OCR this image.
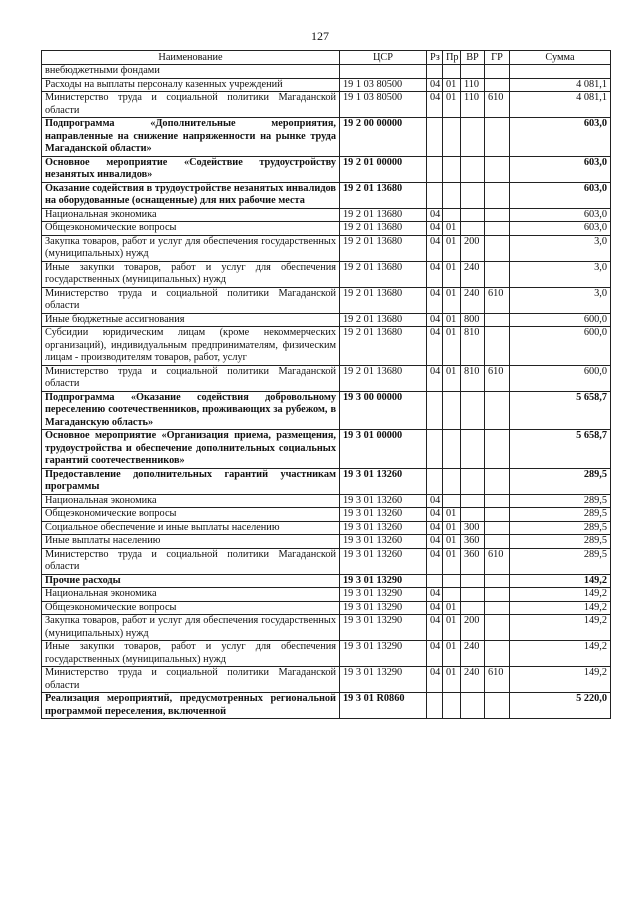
127
Наименование	ЦСР	Рз	Пр	ВР	ГР	Сумма
внебюджетными фондами						
Расходы на выплаты персоналу казенных учреждений	19 1 03 80500	04	01	110		4 081,1
Министерство труда и социальной политики Магаданской области	19 1 03 80500	04	01	110	610	4 081,1
Подпрограмма «Дополнительные мероприятия, направленные на снижение напряженности на рынке труда Магаданской области»	19 2 00 00000					603,0
Основное мероприятие «Содействие трудоустройству незанятых инвалидов»	19 2 01 00000					603,0
Оказание содействия в трудоустройстве незанятых инвалидов на оборудованные (оснащенные) для них рабочие места	19 2 01 13680					603,0
Национальная экономика	19 2 01 13680	04				603,0
Общеэкономические вопросы	19 2 01 13680	04	01			603,0
Закупка товаров, работ и услуг для обеспечения государственных (муниципальных) нужд	19 2 01 13680	04	01	200		3,0
Иные закупки товаров, работ и услуг для обеспечения государственных (муниципальных) нужд	19 2 01 13680	04	01	240		3,0
Министерство труда и социальной политики Магаданской области	19 2 01 13680	04	01	240	610	3,0
Иные бюджетные ассигнования	19 2 01 13680	04	01	800		600,0
Субсидии юридическим лицам (кроме некоммерческих организаций), индивидуальным предпринимателям, физическим лицам - производителям товаров, работ, услуг	19 2 01 13680	04	01	810		600,0
Министерство труда и социальной политики Магаданской области	19 2 01 13680	04	01	810	610	600,0
Подпрограмма «Оказание содействия добровольному переселению соотечественников, проживающих за рубежом, в Магаданскую область»	19 3 00 00000					5 658,7
Основное мероприятие «Организация приема, размещения, трудоустройства и обеспечение дополнительных социальных гарантий соотечественников»	19 3 01 00000					5 658,7
Предоставление дополнительных гарантий участникам программы	19 3 01 13260					289,5
Национальная экономика	19 3 01 13260	04				289,5
Общеэкономические вопросы	19 3 01 13260	04	01			289,5
Социальное обеспечение и иные выплаты населению	19 3 01 13260	04	01	300		289,5
Иные выплаты населению	19 3 01 13260	04	01	360		289,5
Министерство труда и социальной политики Магаданской области	19 3 01 13260	04	01	360	610	289,5
Прочие расходы	19 3 01 13290					149,2
Национальная экономика	19 3 01 13290	04				149,2
Общеэкономические вопросы	19 3 01 13290	04	01			149,2
Закупка товаров, работ и услуг для обеспечения государственных (муниципальных) нужд	19 3 01 13290	04	01	200		149,2
Иные закупки товаров, работ и услуг для обеспечения государственных (муниципальных) нужд	19 3 01 13290	04	01	240		149,2
Министерство труда и социальной политики Магаданской области	19 3 01 13290	04	01	240	610	149,2
Реализация мероприятий, предусмотренных региональной программой переселения, включенной	19 3 01 R0860					5 220,0
